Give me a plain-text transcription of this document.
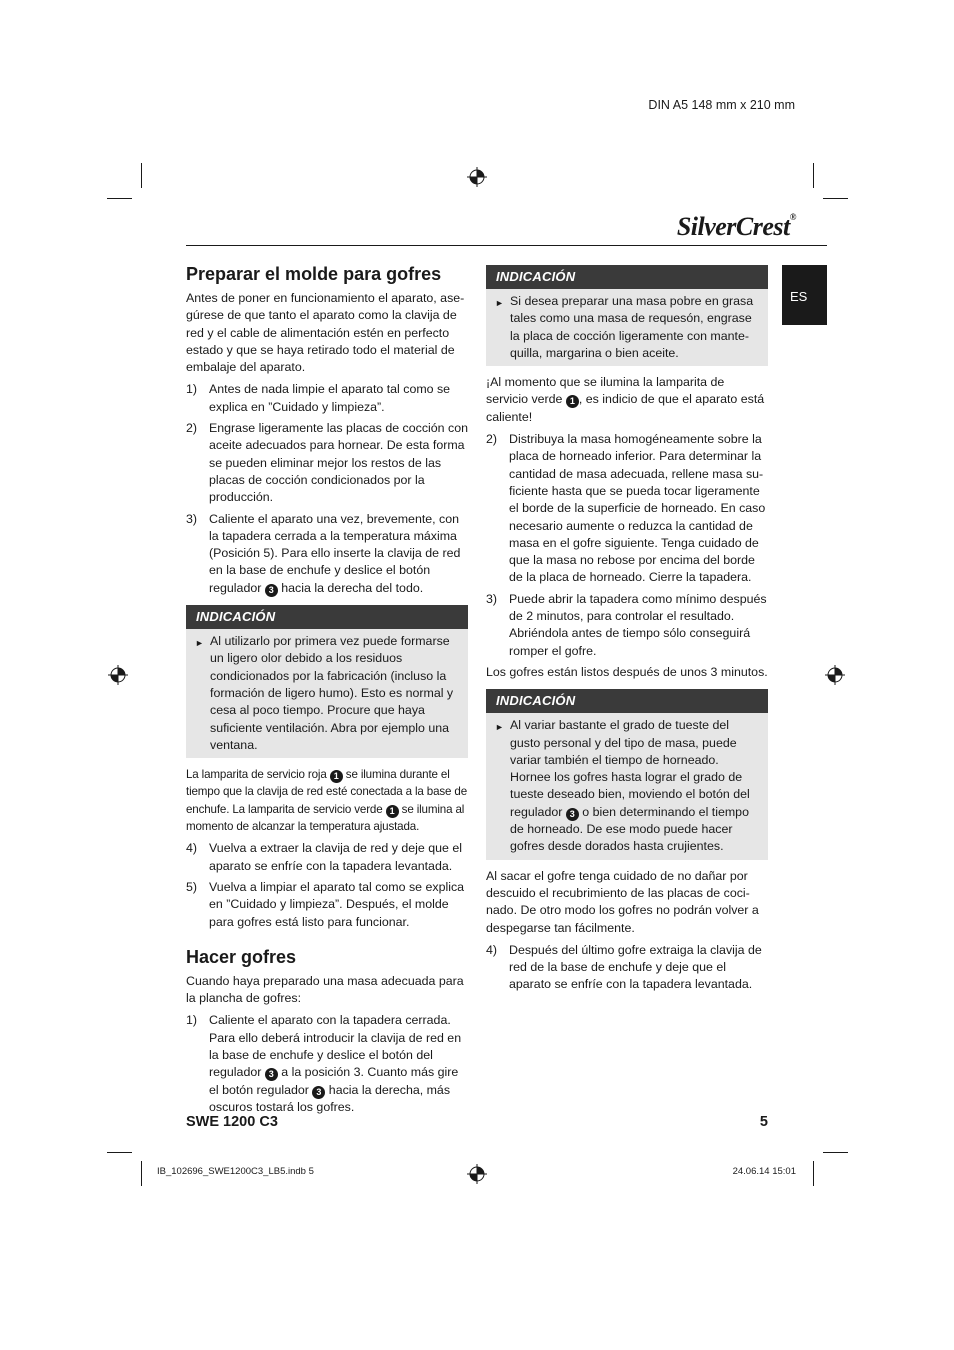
DIN A5 148 mm x 210 mm
SilverCrest®
ES
Preparar el molde para gofres

Antes de poner en funcionamiento el aparato, asegúrese de que tanto el aparato como la clavija de red y el cable de alimentación estén en perfecto estado y que se haya retirado todo el material de embalaje del aparato.

1) Antes de nada limpie el aparato tal como se explica en ”Cuidado y limpieza”.
2) Engrase ligeramente las placas de cocción con aceite adecuados para hornear. De esta forma se pueden eliminar mejor los restos de las placas de cocción condicionados por la producción.
3) Caliente el aparato una vez, brevemente, con la tapadera cerrada a la temperatura máxima (Posición 5). Para ello inserte la clavija de red en la base de enchufe y deslice el botón regulador 3 hacia la derecha del todo.
INDICACIÓN
► Al utilizarlo por primera vez puede formarse un ligero olor debido a los residuos condicionados por la fabricación (incluso la formación de ligero humo). Esto es normal y cesa al poco tiempo. Procure que haya suficiente ventilación. Abra por ejemplo una ventana.

La lamparita de servicio roja 1 se ilumina durante el tiempo que la clavija de red esté conectada a la base de enchufe. La lamparita de servicio verde 1 se ilumina al momento de alcanzar la temperatura ajustada.

4) Vuelva a extraer la clavija de red y deje que el aparato se enfríe con la tapadera levantada.
5) Vuelva a limpiar el aparato tal como se explica en ”Cuidado y limpieza”. Después, el molde para gofres está listo para funcionar.
Hacer gofres

Cuando haya preparado una masa adecuada para la plancha de gofres:

1) Caliente el aparato con la tapadera cerrada. Para ello deberá introducir la clavija de red en la base de enchufe y deslice el botón del regulador 3 a la posición 3. Cuanto más gire el botón regulador 3 hacia la derecha, más oscuros tostará los gofres.
INDICACIÓN
► Si desea preparar una masa pobre en grasa tales como una masa de requesón, engrase la placa de cocción ligeramente con mantequilla, margarina o bien aceite.

¡Al momento que se ilumina la lamparita de servicio verde 1 , es indicio de que el aparato está caliente!

2) Distribuya la masa homogéneamente sobre la placa de horneado inferior. Para determinar la cantidad de masa adecuada, rellene masa suficiente hasta que se pueda tocar ligeramente el borde de la superficie de horneado. En caso necesario aumente o reduzca la cantidad de masa en el gofre siguiente. Tenga cuidado de que la masa no rebose por encima del borde de la placa de horneado. Cierre la tapadera.
3) Puede abrir la tapadera como mínimo después de 2 minutos, para controlar el resultado. Abriéndola antes de tiempo sólo conseguirá romper el gofre.

Los gofres están listos después de unos 3 minutos.

INDICACIÓN
► Al variar bastante el grado de tueste del gusto personal y del tipo de masa, puede variar también el tiempo de horneado. Hornee los gofres hasta lograr el grado de tueste deseado bien, moviendo el botón del regulador 3 o bien determinando el tiempo de horneado. De ese modo puede hacer gofres desde dorados hasta crujientes.

Al sacar el gofre tenga cuidado de no dañar por descuido el recubrimiento de las placas de cocinado. De otro modo los gofres no podrán volver a despegarse tan fácilmente.

4) Después del último gofre extraiga la clavija de red de la base de enchufe y deje que el aparato se enfríe con la tapadera levantada.
SWE 1200 C3	5
IB_102696_SWE1200C3_LB5.indb 5	24.06.14 15:01
